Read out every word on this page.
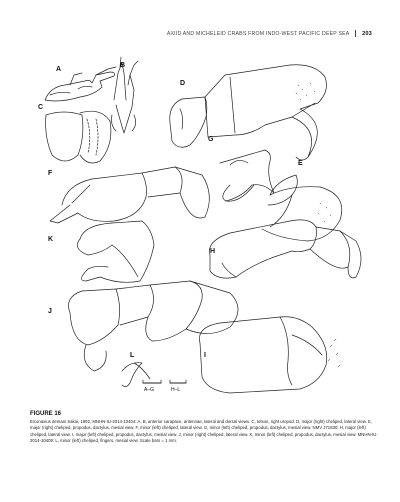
AXIID AND MICHELEID CRABS FROM INDO-WEST PACIFIC DEEP SEA 203
A
B
C
D
E
F
G
H
I
J
K
L
A–G	H–L
FIGURE 16
Eiconaxius demani Sakai, 1992, MNHN-IU-2014-10404: A, B, anterior carapace, antennae, lateral and dorsal views. C, telson, right uropod. D, major (right) cheliped, lateral view. E, major (right) cheliped, propodus, dactylus, mesial view. F, minor (left) cheliped, lateral view. G, minor (left) cheliped, propodus, dactylus, mesial view. NMV J71830: H, major (left) cheliped, lateral view. I, major (left) cheliped, propodus, dactylus, mesial view. J, minor (right) cheliped, lateral view. K, minor (left) cheliped, propodus, dactylus, mesial view. MNHN-IU-2014-10409: L, minor (left) cheliped, fingers, mesial view. Scale bars = 1 mm.
